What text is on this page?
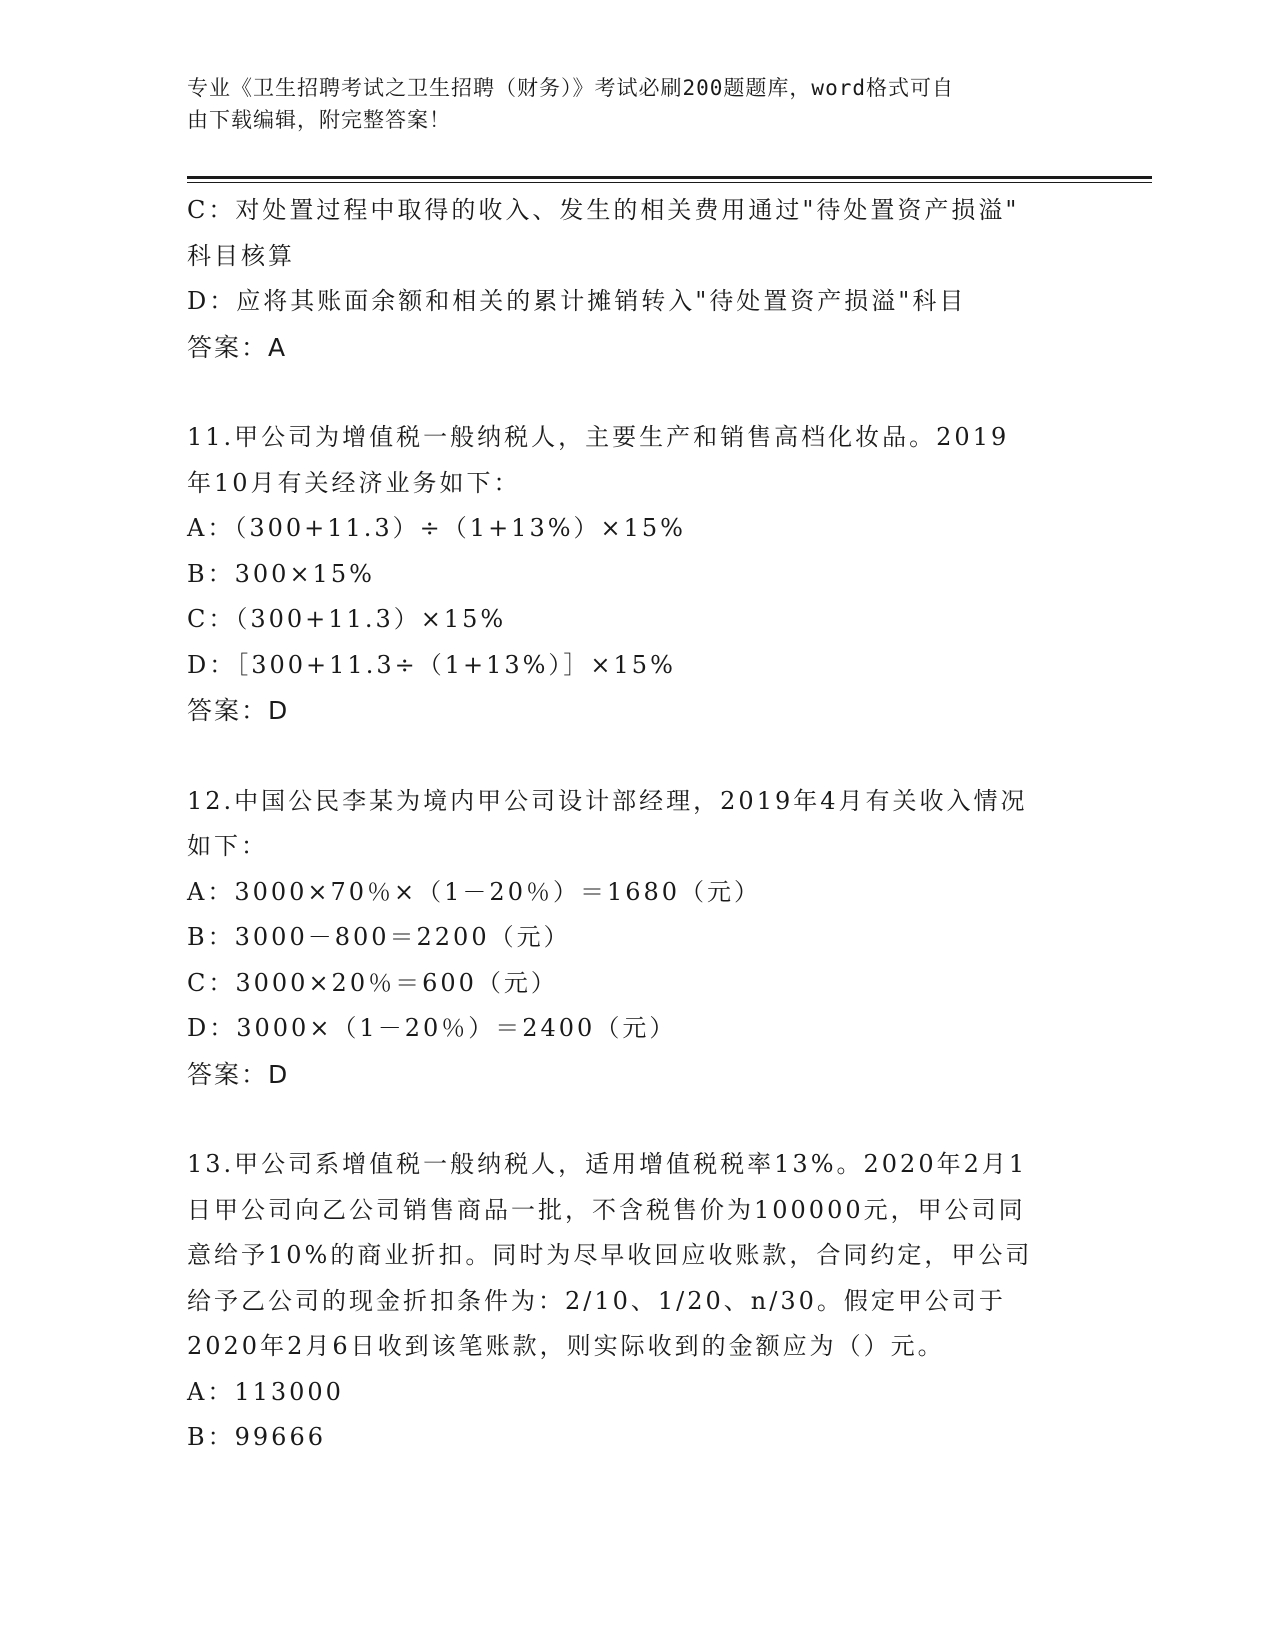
专业《卫生招聘考试之卫生招聘（财务）》考试必刷200题题库，word格式可自
由下载编辑，附完整答案！
C：对处置过程中取得的收入、发生的相关费用通过"待处置资产损溢"
科目核算
D：应将其账面余额和相关的累计摊销转入"待处置资产损溢"科目
答案：A
11.甲公司为增值税一般纳税人，主要生产和销售高档化妆品。2019
年10月有关经济业务如下：
A：（300+11.3）÷（1+13%）×15%
B：300×15%
C：（300+11.3）×15%
D：［300+11.3÷（1+13%）］×15%
答案：D
12.中国公民李某为境内甲公司设计部经理，2019年4月有关收入情况
如下：
A：3000×70％×（1－20％）＝1680（元）
B：3000－800＝2200（元）
C：3000×20％＝600（元）
D：3000×（1－20％）＝2400（元）
答案：D
13.甲公司系增值税一般纳税人，适用增值税税率13%。2020年2月1
日甲公司向乙公司销售商品一批，不含税售价为100000元，甲公司同
意给予10%的商业折扣。同时为尽早收回应收账款，合同约定，甲公司
给予乙公司的现金折扣条件为：2/10、1/20、n/30。假定甲公司于
2020年2月6日收到该笔账款，则实际收到的金额应为（）元。
A：113000
B：99666
